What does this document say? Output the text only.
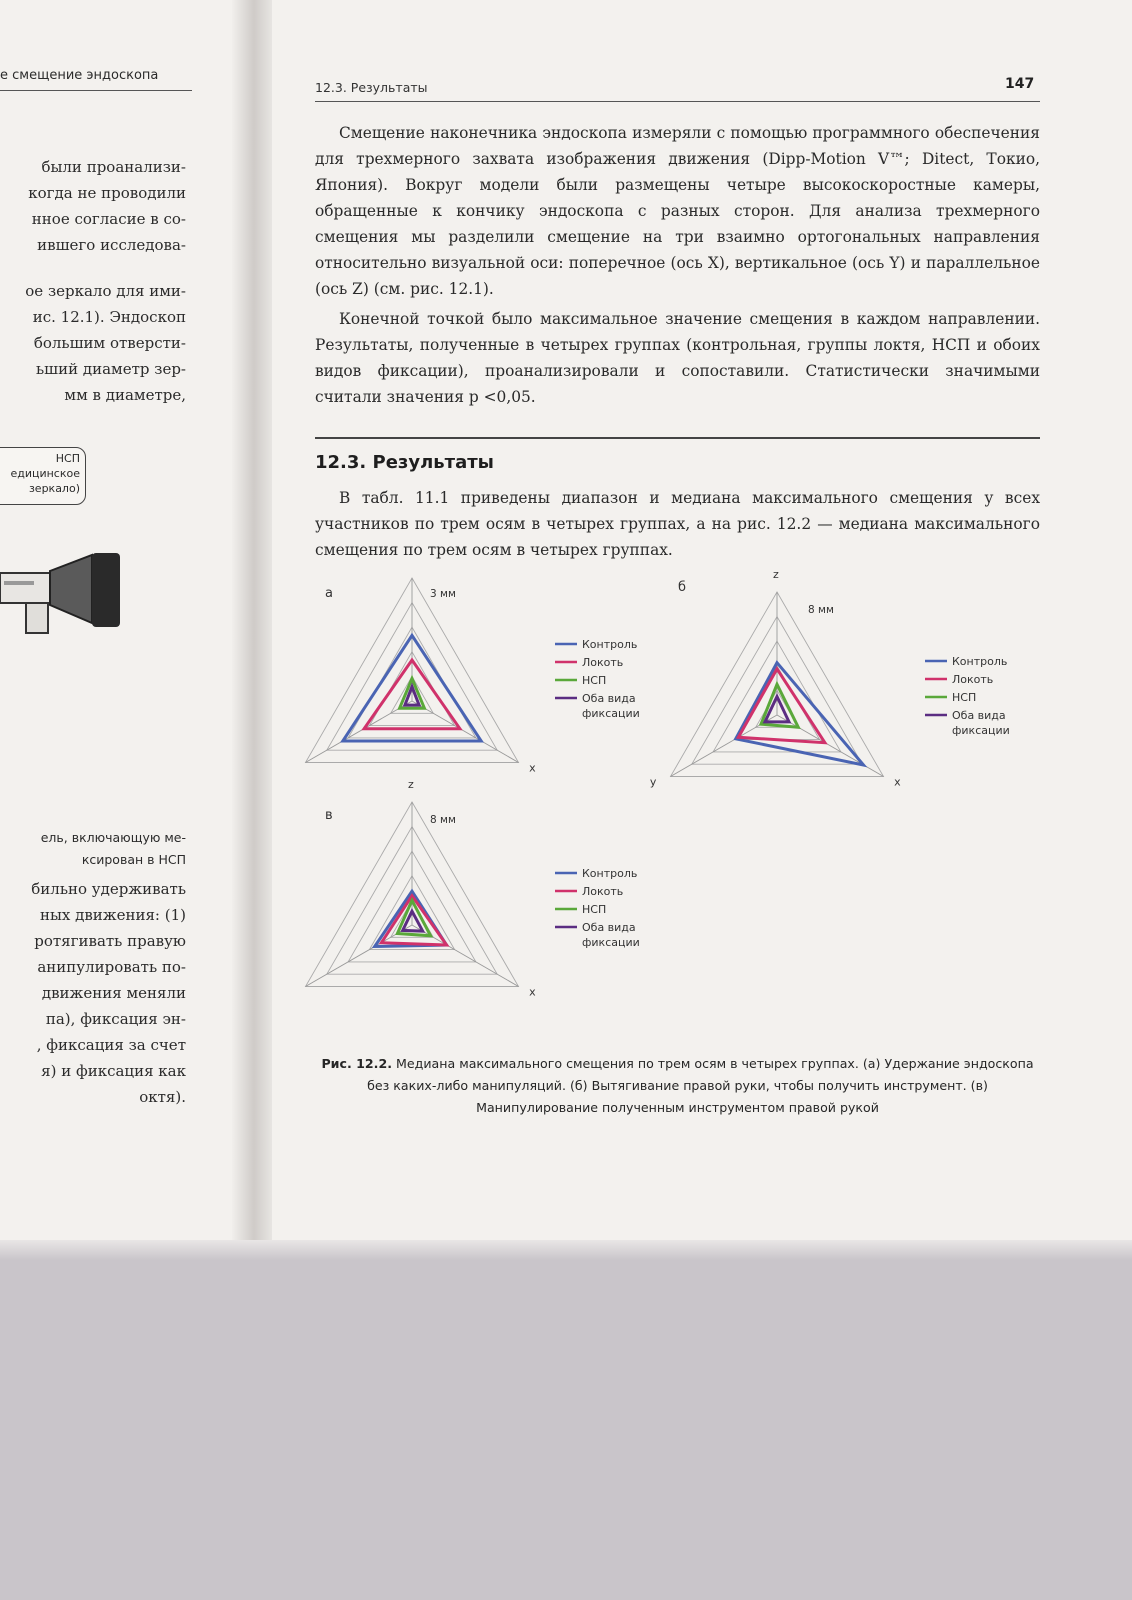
е смещение эндоскопа
были проанализи-
когда не проводили
нное согласие в со-
ившего исследова-
ое зеркало для ими-
ис. 12.1). Эндоскоп
большим отверсти-
ьший диаметр зер-
мм в диаметре,
НСП
едицинское
зеркало)
ель, включающую ме-
ксирован в НСП
бильно удерживать
ных движения: (1)
ротягивать правую
анипулировать по-
движения меняли
па), фиксация эн-
, фиксация за счет
я) и фиксация как
октя).
12.3. Результаты	147

Смещение наконечника эндоскопа измеряли с помощью программного обеспечения для трехмерного захвата изображения движения (Dipp-Motion V™; Ditect, Токио, Япония). Вокруг модели были размещены четыре высокоскоростные камеры, обращенные к кончику эндоскопа с разных сторон. Для анализа трехмерного смещения мы разделили смещение на три взаимно ортогональных направления относительно визуальной оси: поперечное (ось X), вертикальное (ось Y) и параллельное (ось Z) (см. рис. 12.1).

Конечной точкой было максимальное значение смещения в каждом направлении. Результаты, полученные в четырех группах (контрольная, группы локтя, НСП и обоих видов фиксации), проанализировали и сопоставили. Статистически значимыми считали значения p <0,05.

12.3. Результаты

В табл. 11.1 приведены диапазон и медиана максимального смещения у всех участников по трем осям в четырех группах, а на рис. 12.2 — медиана максимального смещения по трем осям в четырех группах.

x
а	3 мм
Контроль
Локоть
НСП
Оба вида
фиксации
z
x
y
б
8 мм
Контроль
Локоть
НСП
Оба вида
фиксации
z
x
в	8 мм
Контроль
Локоть
НСП
Оба вида
фиксации
Рис. 12.2. Медиана максимального смещения по трем осям в четырех группах. (а) Удержание эндоскопа без каких-либо манипуляций. (б) Вытягивание правой руки, чтобы получить инструмент. (в) Манипулирование полученным инструментом правой рукой
